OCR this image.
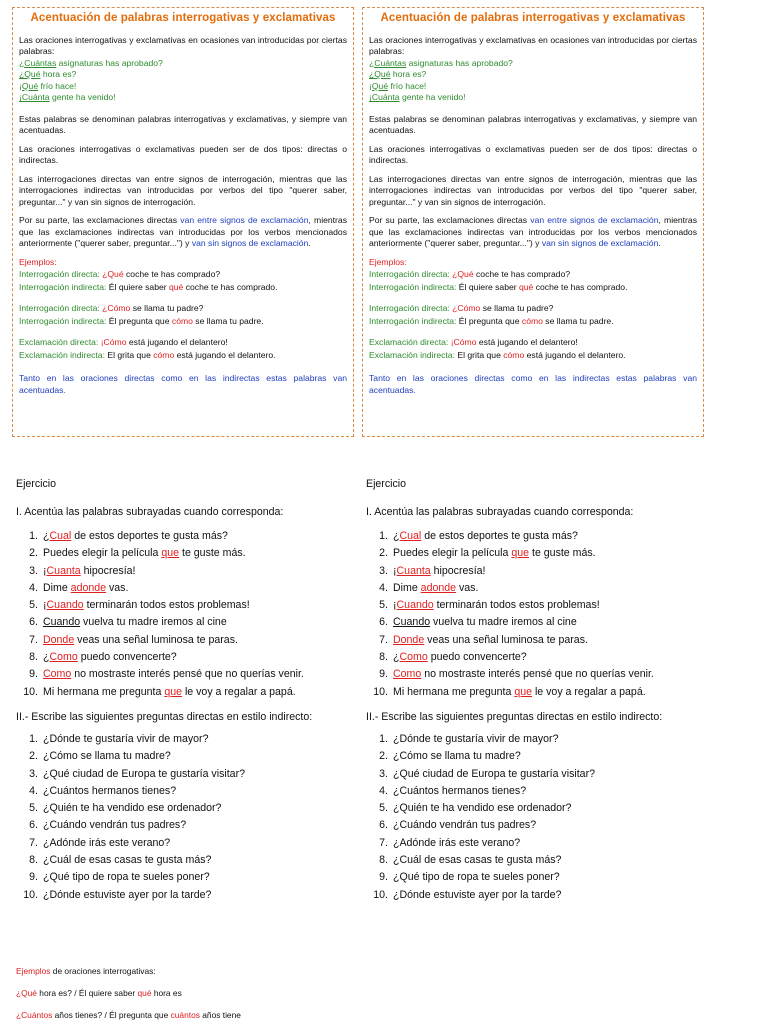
Acentuación de palabras interrogativas y exclamativas
Las oraciones interrogativas y exclamativas en ocasiones van introducidas por ciertas palabras:
¿Cuántas asignaturas has aprobado?
¿Qué hora es?
¡Qué frío hace!
¡Cuánta gente ha venido!
Estas palabras se denominan palabras interrogativas y exclamativas, y siempre van acentuadas.
Las oraciones interrogativas o exclamativas pueden ser de dos tipos: directas o indirectas.
Las interrogaciones directas van entre signos de interrogación, mientras que las interrogaciones indirectas van introducidas por verbos del tipo "querer saber, preguntar..." y van sin signos de interrogación.
Por su parte, las exclamaciones directas van entre signos de exclamación, mientras que las exclamaciones indirectas van introducidas por los verbos mencionados anteriormente ("querer saber, preguntar...") y van sin signos de exclamación.
Ejemplos:
Interrogación directa: ¿Qué coche te has comprado?
Interrogación indirecta: Él quiere saber qué coche te has comprado.
Interrogación directa: ¿Cómo se llama tu padre?
Interrogación indirecta: Él pregunta que cómo se llama tu padre.
Exclamación directa: ¡Cómo está jugando el delantero!
Exclamación indirecta: El grita que cómo está jugando el delantero.
Tanto en las oraciones directas como en las indirectas estas palabras van acentuadas.
Ejercicio
I. Acentúa las palabras subrayadas cuando corresponda:
1. ¿Cual de estos deportes te gusta más?
2. Puedes elegir la película que te guste más.
3. ¡Cuanta hipocresía!
4. Dime adonde vas.
5. ¡Cuando terminarán todos estos problemas!
6. Cuando vuelva tu madre iremos al cine
7. Donde veas una señal luminosa te paras.
8. ¿Como puedo convencerte?
9. Como no mostraste interés pensé que no querías venir.
10. Mi hermana me pregunta que le voy a regalar a papá.
II.- Escribe las siguientes preguntas directas en estilo indirecto:
1. ¿Dónde te gustaría vivir de mayor?
2. ¿Cómo se llama tu madre?
3. ¿Qué ciudad de Europa te gustaría visitar?
4. ¿Cuántos hermanos tienes?
5. ¿Quién te ha vendido ese ordenador?
6. ¿Cuándo vendrán tus padres?
7. ¿Adónde irás este verano?
8. ¿Cuál de esas casas te gusta más?
9. ¿Qué tipo de ropa te sueles poner?
10. ¿Dónde estuviste ayer por la tarde?
Acentuación de palabras interrogativas y exclamativas
Las oraciones interrogativas y exclamativas en ocasiones van introducidas por ciertas palabras:
¿Cuántas asignaturas has aprobado?
¿Qué hora es?
¡Qué frío hace!
¡Cuánta gente ha venido!
Estas palabras se denominan palabras interrogativas y exclamativas, y siempre van acentuadas.
Las oraciones interrogativas o exclamativas pueden ser de dos tipos: directas o indirectas.
Las interrogaciones directas van entre signos de interrogación, mientras que las interrogaciones indirectas van introducidas por verbos del tipo "querer saber, preguntar..." y van sin signos de interrogación.
Por su parte, las exclamaciones directas van entre signos de exclamación, mientras que las exclamaciones indirectas van introducidas por los verbos mencionados anteriormente ("querer saber, preguntar...") y van sin signos de exclamación.
Ejemplos:
Interrogación directa: ¿Qué coche te has comprado?
Interrogación indirecta: Él quiere saber qué coche te has comprado.
Interrogación directa: ¿Cómo se llama tu padre?
Interrogación indirecta: Él pregunta que cómo se llama tu padre.
Exclamación directa: ¡Cómo está jugando el delantero!
Exclamación indirecta: El grita que cómo está jugando el delantero.
Tanto en las oraciones directas como en las indirectas estas palabras van acentuadas.
Ejercicio
I. Acentúa las palabras subrayadas cuando corresponda:
1. ¿Cual de estos deportes te gusta más?
2. Puedes elegir la película que te guste más.
3. ¡Cuanta hipocresía!
4. Dime adonde vas.
5. ¡Cuando terminarán todos estos problemas!
6. Cuando vuelva tu madre iremos al cine
7. Donde veas una señal luminosa te paras.
8. ¿Como puedo convencerte?
9. Como no mostraste interés pensé que no querías venir.
10. Mi hermana me pregunta que le voy a regalar a papá.
II.- Escribe las siguientes preguntas directas en estilo indirecto:
1. ¿Dónde te gustaría vivir de mayor?
2. ¿Cómo se llama tu madre?
3. ¿Qué ciudad de Europa te gustaría visitar?
4. ¿Cuántos hermanos tienes?
5. ¿Quién te ha vendido ese ordenador?
6. ¿Cuándo vendrán tus padres?
7. ¿Adónde irás este verano?
8. ¿Cuál de esas casas te gusta más?
9. ¿Qué tipo de ropa te sueles poner?
10. ¿Dónde estuviste ayer por la tarde?
Ejemplos de oraciones interrogativas:
¿Qué hora es? / Él quiere saber qué hora es
¿Cuántos años tienes? / Él pregunta que cuántos años tiene
